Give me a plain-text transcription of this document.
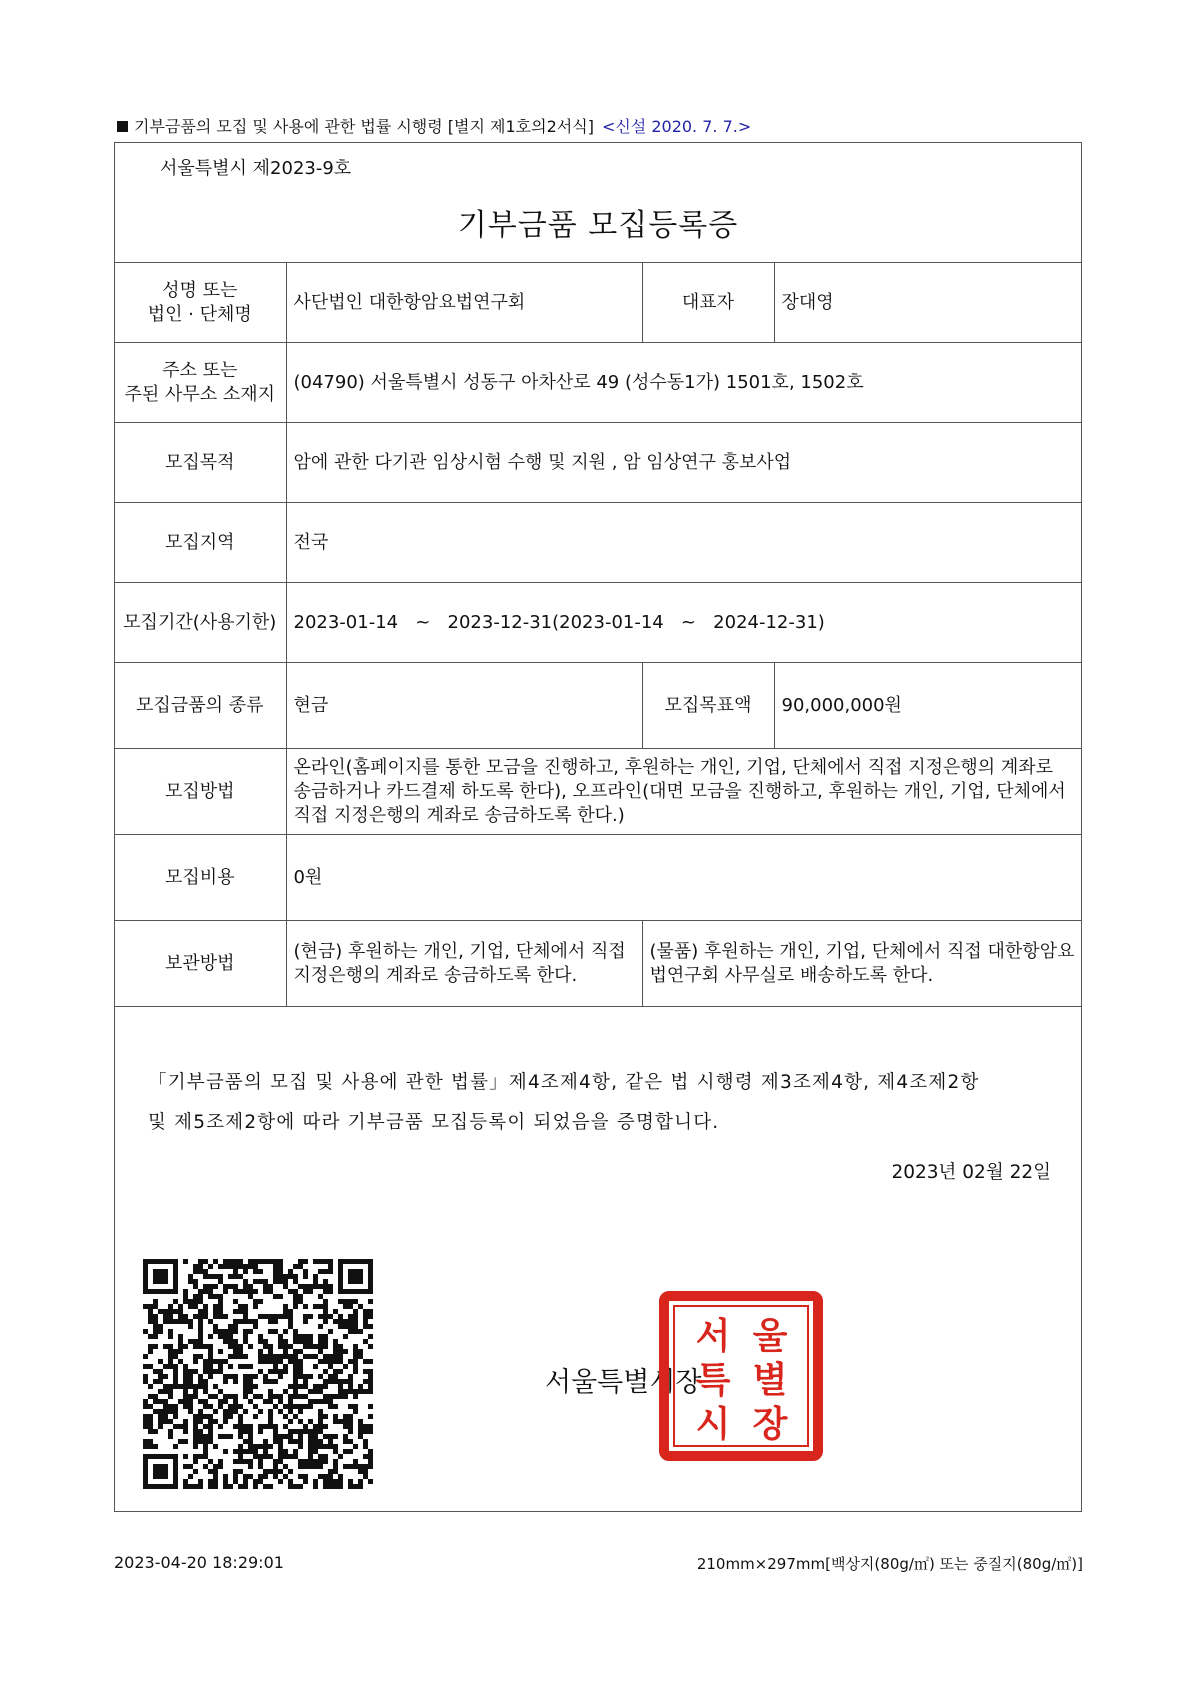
기부금품의 모집 및 사용에 관한 법률 시행령 [별지 제1호의2서식] <신설 2020. 7. 7.>
서울특별시 제2023-9호
기부금품 모집등록증
성명 또는
법인 · 단체명	사단법인 대한항암요법연구회	대표자	장대영

주소 또는
주된 사무소 소재지	(04790) 서울특별시 성동구 아차산로 49 (성수동1가) 1501호, 1502호		
모집목적	암에 관한 다기관 임상시험 수행 및 지원 , 암 임상연구 홍보사업		
모집지역	전국		
모집기간(사용기한)	2023-01-14   ~   2023-12-31(2023-01-14   ~   2024-12-31)		
모집금품의 종류	현금	모집목표액	90,000,000원
모집방법	온라인(홈페이지를 통한 모금을 진행하고, 후원하는 개인, 기업, 단체에서 직접 지정은행의 계좌로 송금하거나 카드결제 하도록 한다), 오프라인(대면 모금을 진행하고, 후원하는 개인, 기업, 단체에서 직접 지정은행의 계좌로 송금하도록 한다.)		
모집비용	0원		
보관방법	(현금) 후원하는 개인, 기업, 단체에서 직접 지정은행의 계좌로 송금하도록 한다.	(물품) 후원하는 개인, 기업, 단체에서 직접 대한항암요법연구회 사무실로 배송하도록 한다.	
「기부금품의 모집 및 사용에 관한 법률」제4조제4항, 같은 법 시행령 제3조제4항, 제4조제2항
및 제5조제2항에 따라 기부금품 모집등록이 되었음을 증명합니다.
2023년 02월 22일
서울특별시장
서 울
특 별
시 장
2023-04-20 18:29:01	210mm×297mm[백상지(80g/㎡) 또는 중질지(80g/㎡)]
